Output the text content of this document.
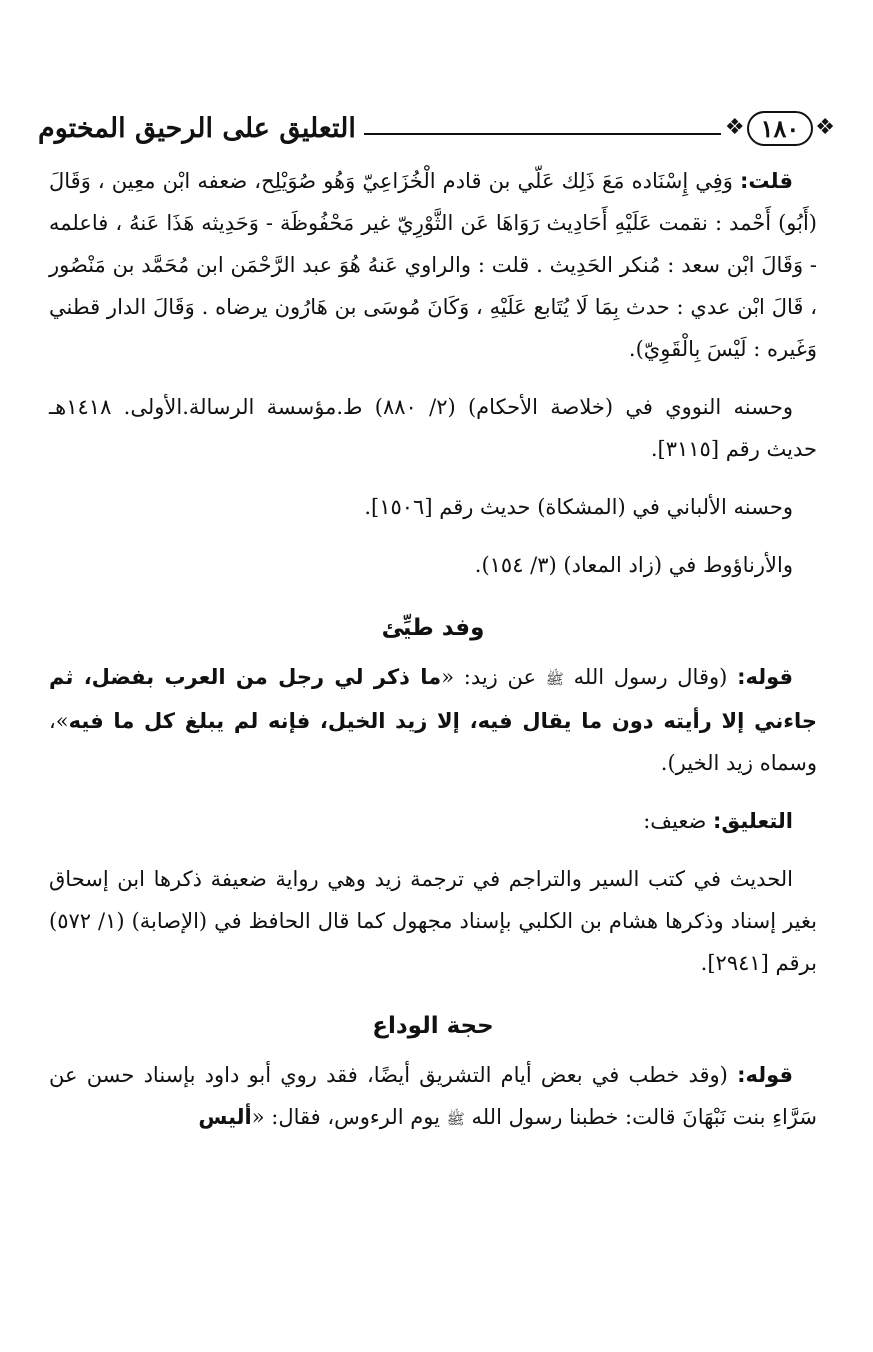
التعليق على الرحيق المختوم	❖ ١٨٠ ❖

قلت: وَفِي إِسْنَاده مَعَ ذَلِك عَلّي بن قادم الْخُزَاعِيّ وَهُو صُوَيْلِح، ضعفه ابْن معِين ، وَقَالَ (أَبُو) أَحْمد : نقمت عَلَيْهِ أَحَادِيث رَوَاهَا عَن الثَّوْرِيّ غير مَحْفُوظَة - وَحَدِيثه هَذَا عَنهُ ، فاعلمه - وَقَالَ ابْن سعد : مُنكر الحَدِيث . قلت : والراوي عَنهُ هُوَ عبد الرَّحْمَن ابن مُحَمَّد بن مَنْصُور ، قَالَ ابْن عدي : حدث بِمَا لَا يُتَابع عَلَيْهِ ، وَكَانَ مُوسَى بن هَارُون يرضاه . وَقَالَ الدار قطني وَغَيره : لَيْسَ بِالْقَوِيّ).

وحسنه النووي في (خلاصة الأحكام) (٢/ ٨٨٠) ط.مؤسسة الرسالة.الأولى. ١٤١٨هـ حديث رقم [٣١١٥].

وحسنه الألباني في (المشكاة) حديث رقم [١٥٠٦].

والأرناؤوط في (زاد المعاد) (٣/ ١٥٤).

وفد طيِّئ

قوله: (وقال رسول الله ﷺ عن زيد: «ما ذكر لي رجل من العرب بفضل، ثم جاءني إلا رأيته دون ما يقال فيه، إلا زيد الخيل، فإنه لم يبلغ كل ما فيه»، وسماه زيد الخير).

التعليق: ضعيف:

الحديث في كتب السير والتراجم في ترجمة زيد وهي رواية ضعيفة ذكرها ابن إسحاق بغير إسناد وذكرها هشام بن الكلبي بإسناد مجهول كما قال الحافظ في (الإصابة) (١/ ٥٧٢) برقم [٢٩٤١].

حجة الوداع

قوله: (وقد خطب في بعض أيام التشريق أيضًا، فقد روي أبو داود بإسناد حسن عن سَرَّاءِ بنت نَبْهَانَ قالت: خطبنا رسول الله ﷺ يوم الرءوس، فقال: «أليس
